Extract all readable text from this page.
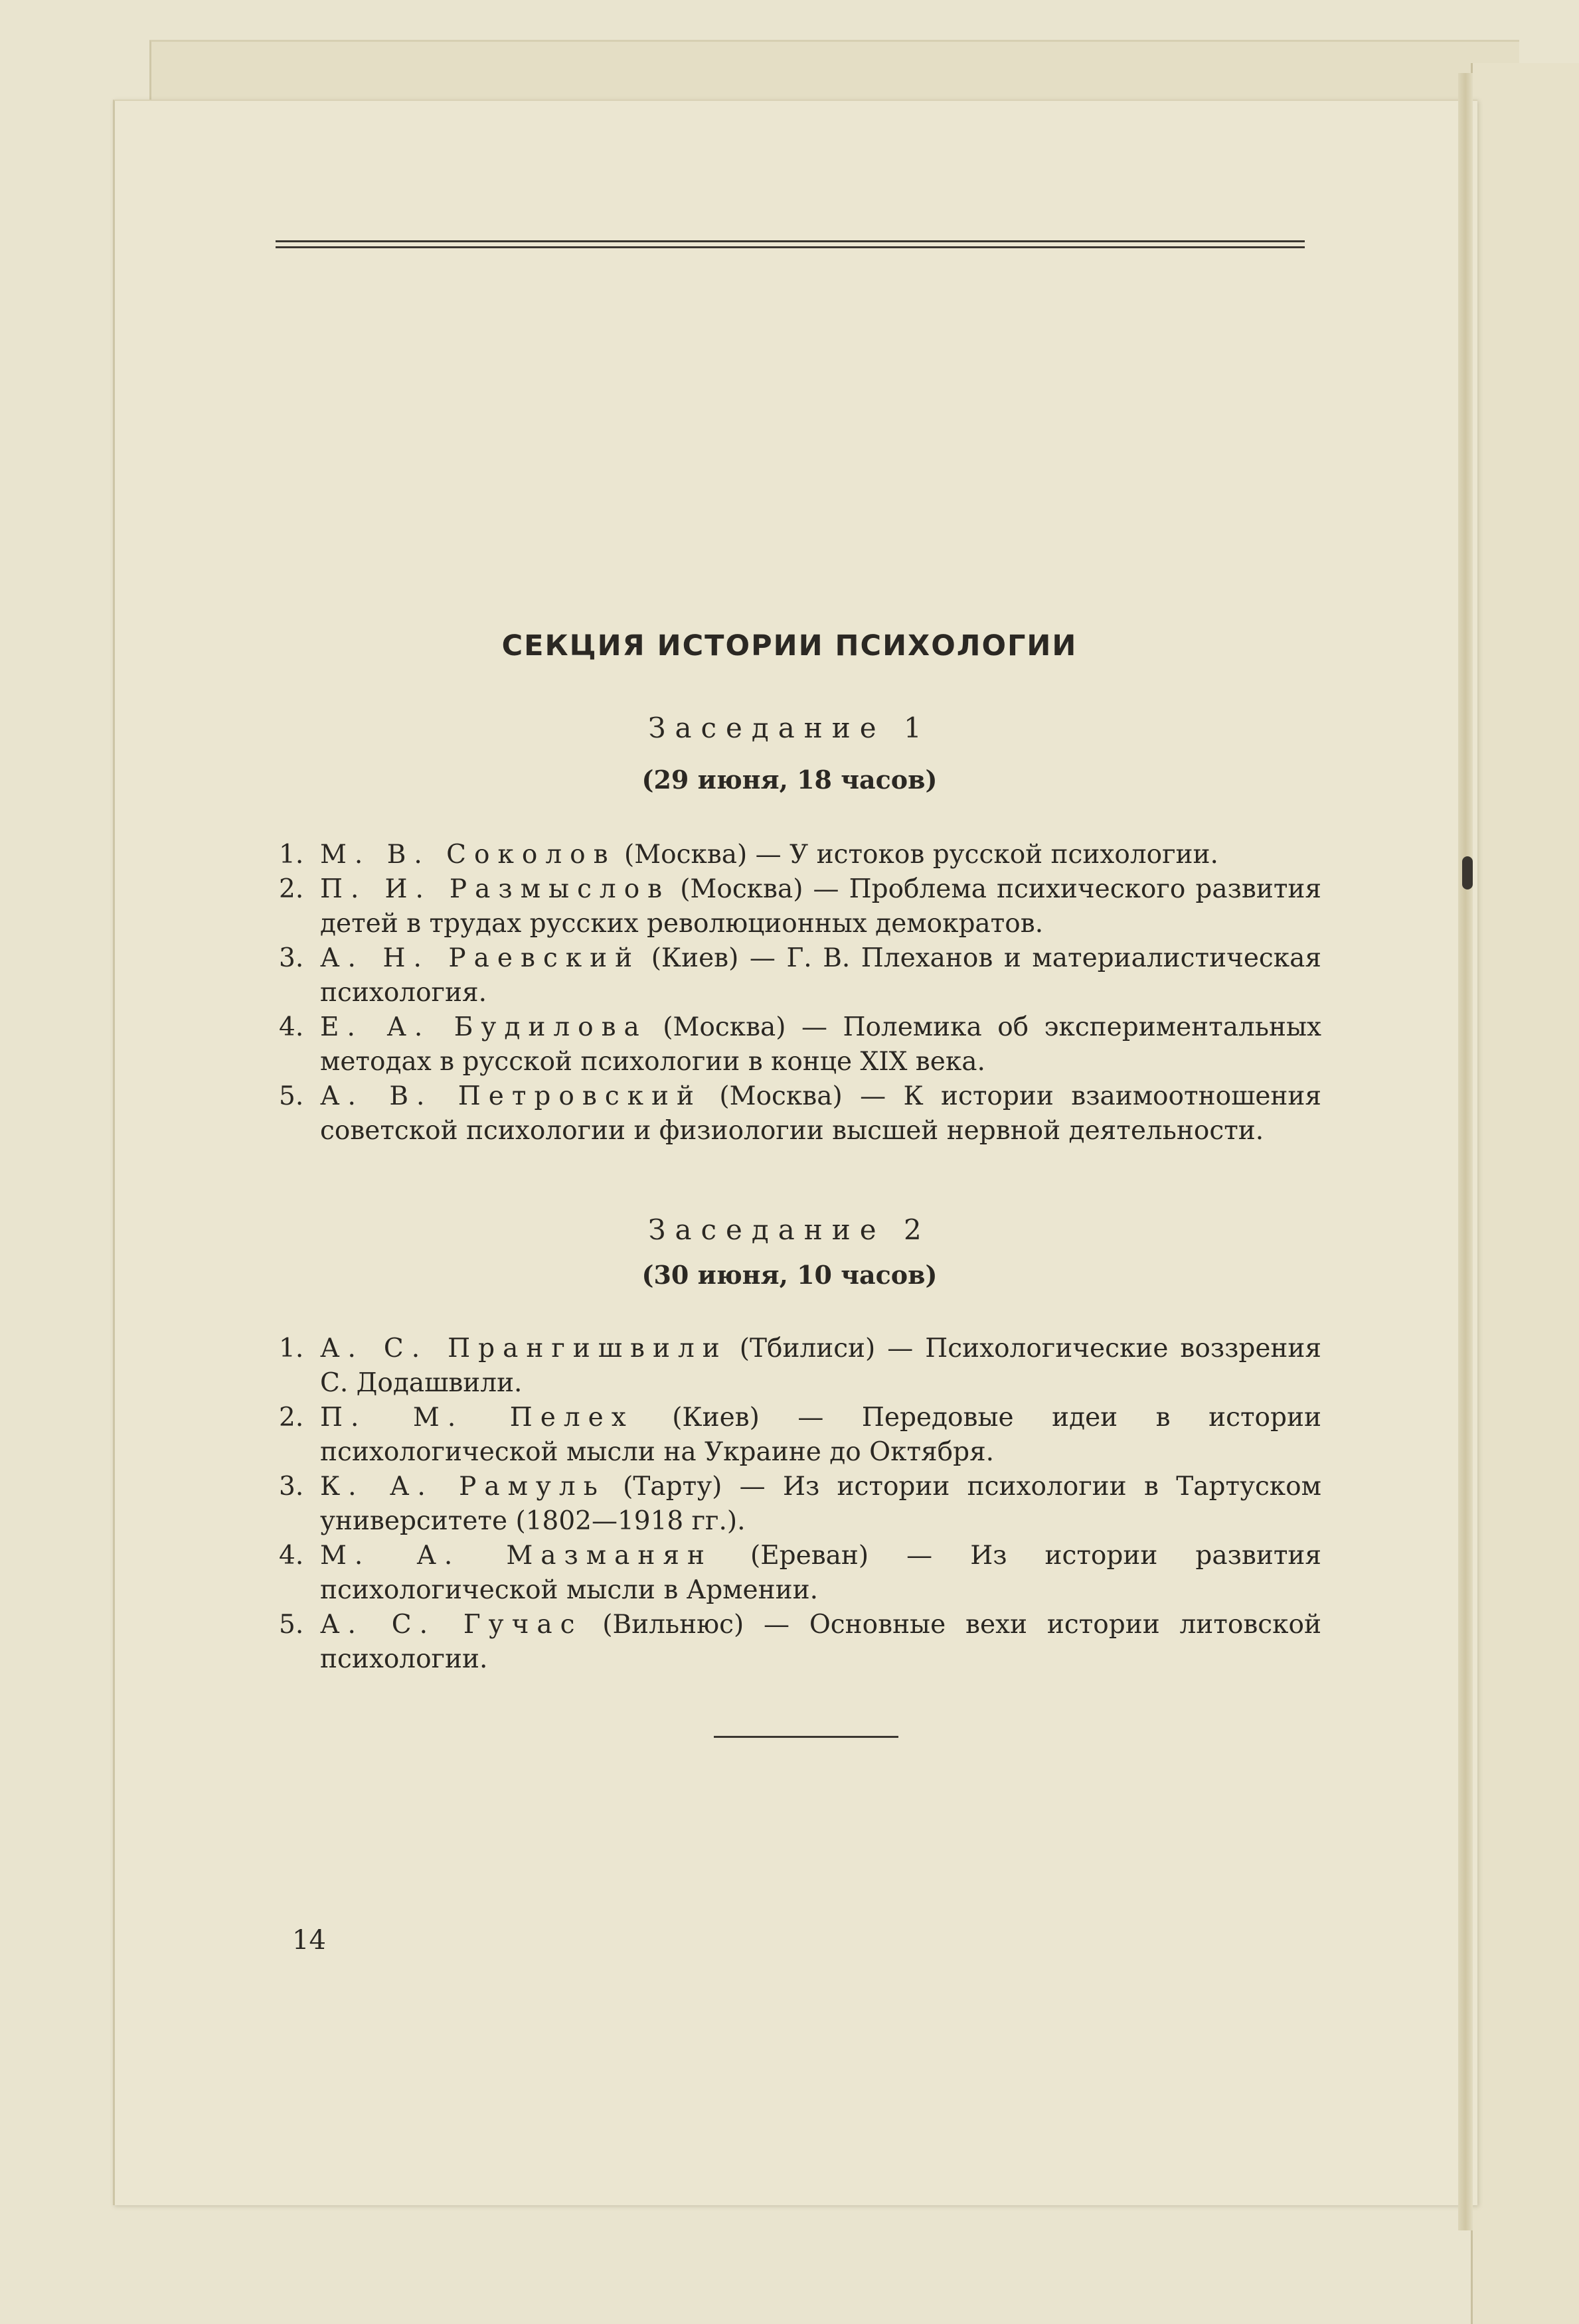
СЕКЦИЯ ИСТОРИИ ПСИХОЛОГИИ
Заседание 1
(29 июня, 18 часов)
1. М. В. Соколов (Москва) — У истоков русской психологии.
2. П. И. Размыслов (Москва) — Проблема психического развития детей в трудах русских революционных демократов.
3. А. Н. Раевский (Киев) — Г. В. Плеханов и материалистическая психология.
4. Е. А. Будилова (Москва) — Полемика об экспериментальных методах в русской психологии в конце XIX века.
5. А. В. Петровский (Москва) — К истории взаимоотношения советской психологии и физиологии высшей нервной деятельности.
Заседание 2
(30 июня, 10 часов)
1. А. С. Прангишвили (Тбилиси) — Психологические воззрения С. Додашвили.
2. П. М. Пелех (Киев) — Передовые идеи в истории психологической мысли на Украине до Октября.
3. К. А. Рамуль (Тарту) — Из истории психологии в Тартуском университете (1802—1918 гг.).
4. М. А. Мазманян (Ереван) — Из истории развития психологической мысли в Армении.
5. А. С. Гучас (Вильнюс) — Основные вехи истории литовской психологии.
14
